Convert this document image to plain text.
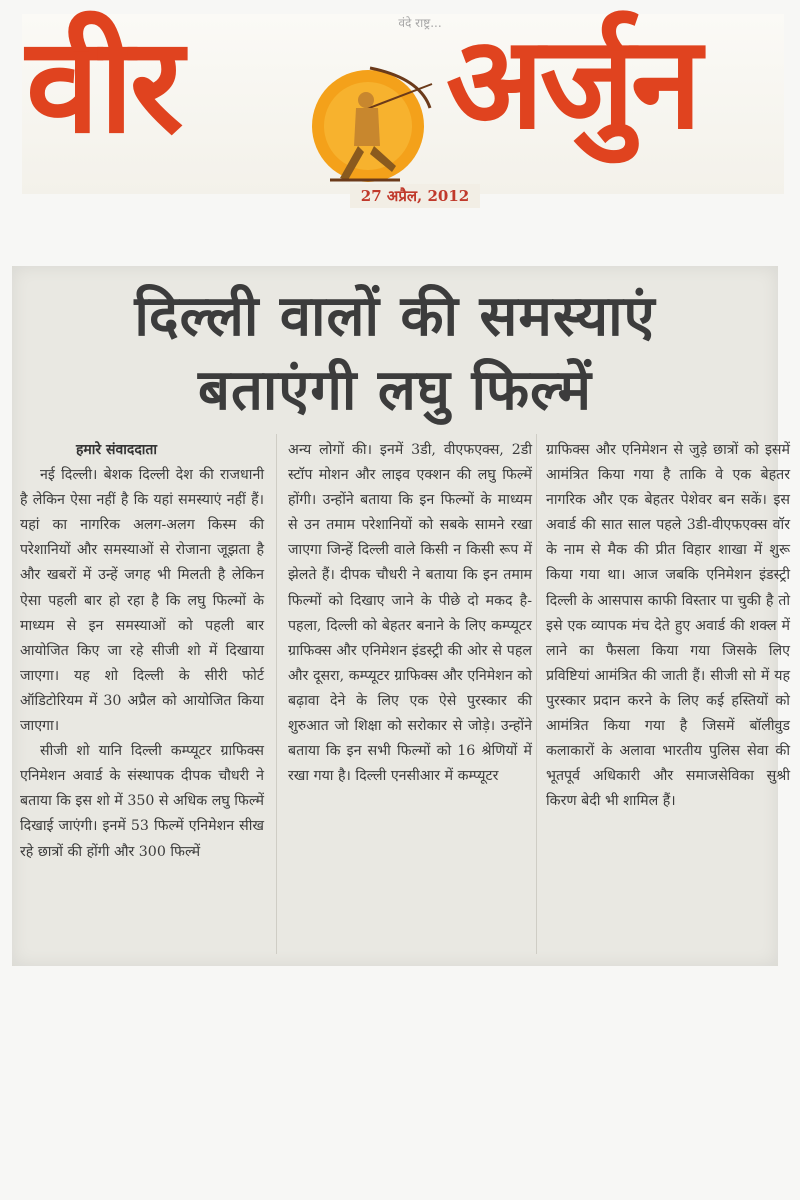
वंदे राष्ट्र...
वीर अर्जुन
27 अप्रैल, 2012
दिल्ली वालों की समस्याएं
बताएंगी लघु फिल्में
हमारे संवाददाता

नई दिल्ली। बेशक दिल्ली देश की राजधानी है लेकिन ऐसा नहीं है कि यहां समस्याएं नहीं हैं। यहां का नागरिक अलग-अलग किस्म की परेशानियों और समस्याओं से रोजाना जूझता है और खबरों में उन्हें जगह भी मिलती है लेकिन ऐसा पहली बार हो रहा है कि लघु फिल्मों के माध्यम से इन समस्याओं को पहली बार आयोजित किए जा रहे सीजी शो में दिखाया जाएगा। यह शो दिल्ली के सीरी फोर्ट ऑडिटोरियम में 30 अप्रैल को आयोजित किया जाएगा।

सीजी शो यानि दिल्ली कम्प्यूटर ग्राफिक्स एनिमेशन अवार्ड के संस्थापक दीपक चौधरी ने बताया कि इस शो में 350 से अधिक लघु फिल्में दिखाई जाएंगी। इनमें 53 फिल्में एनिमेशन सीख रहे छात्रों की होंगी और 300 फिल्में

अन्य लोगों की। इनमें 3डी, वीएफएक्स, 2डी स्टॉप मोशन और लाइव एक्शन की लघु फिल्में होंगी। उन्होंने बताया कि इन फिल्मों के माध्यम से उन तमाम परेशानियों को सबके सामने रखा जाएगा जिन्हें दिल्ली वाले किसी न किसी रूप में झेलते हैं। दीपक चौधरी ने बताया कि इन तमाम फिल्मों को दिखाए जाने के पीछे दो मकद है-पहला, दिल्ली को बेहतर बनाने के लिए कम्प्यूटर ग्राफिक्स और एनिमेशन इंडस्ट्री की ओर से पहल और दूसरा, कम्प्यूटर ग्राफिक्स और एनिमेशन को बढ़ावा देने के लिए एक ऐसे पुरस्कार की शुरुआत जो शिक्षा को सरोकार से जोड़े। उन्होंने बताया कि इन सभी फिल्मों को 16 श्रेणियों में रखा गया है। दिल्ली एनसीआर में कम्प्यूटर

ग्राफिक्स और एनिमेशन से जुड़े छात्रों को इसमें आमंत्रित किया गया है ताकि वे एक बेहतर नागरिक और एक बेहतर पेशेवर बन सकें। इस अवार्ड की सात साल पहले 3डी-वीएफएक्स वॉर के नाम से मैक की प्रीत विहार शाखा में शुरू किया गया था। आज जबकि एनिमेशन इंडस्ट्री दिल्ली के आसपास काफी विस्तार पा चुकी है तो इसे एक व्यापक मंच देते हुए अवार्ड की शक्ल में लाने का फैसला किया गया जिसके लिए प्रविष्टियां आमंत्रित की जाती हैं। सीजी सो में यह पुरस्कार प्रदान करने के लिए कई हस्तियों को आमंत्रित किया गया है जिसमें बॉलीवुड कलाकारों के अलावा भारतीय पुलिस सेवा की भूतपूर्व अधिकारी और समाजसेविका सुश्री किरण बेदी भी शामिल हैं।
